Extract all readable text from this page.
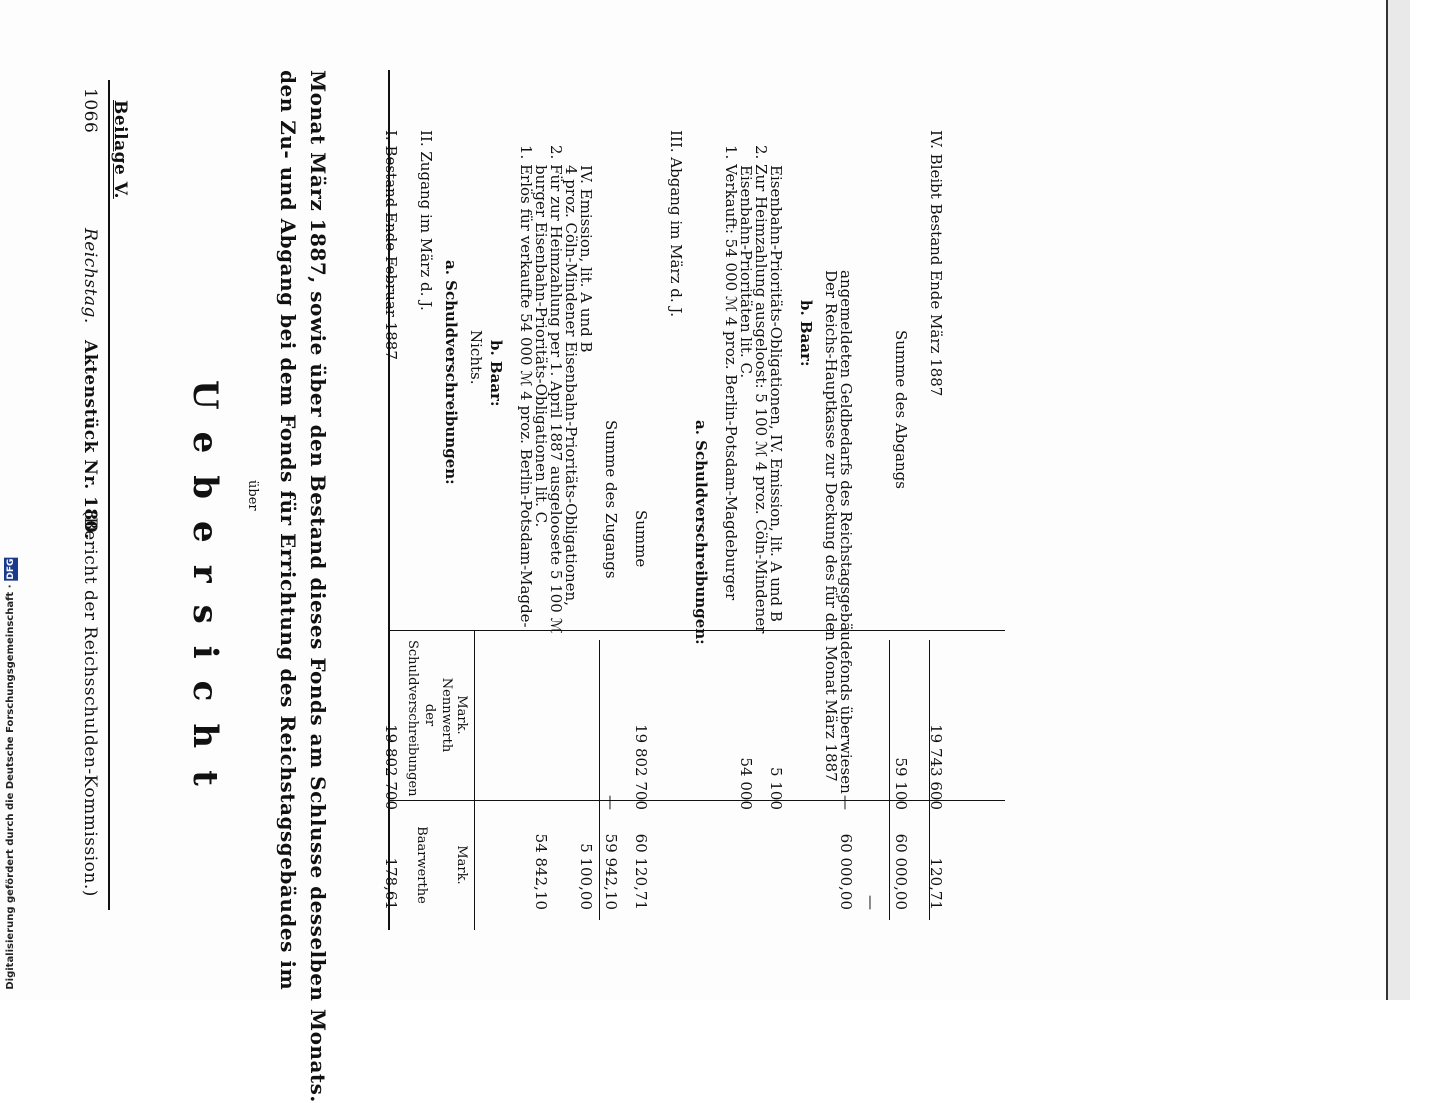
1066
Reichstag.
Aktenstück Nr. 180.
(Bericht der Reichsschulden-Kommission.)
Beilage V.
Uebersicht über den Zu- und Abgang bei dem Fonds für Errichtung des Reichstagsgebäudes im Monat März 1887, sowie über den Bestand dieses Fonds am Schlusse desselben Monats.	Nennwerth
der
Schuldverschreibungen	Mark.
Baarwerthe Mark.
I. Bestand Ende Februar 1887
19 802 700
178,61
II. Zugang im März d. J.
a. Schuldverschreibungen: Nichts. b. Baar: 1. Erlös für verkaufte 54 000 ℳ 4 proz. Berlin-Potsdam-Magde-
burger Eisenbahn-Prioritäts-Obligationen lit. C.
54 842,10
2. Für zur Heimzahlung per 1. April 1887 ausgeloosete 5 100 ℳ
4 proz. Cöln-Mindener Eisenbahn-Prioritäts-Obligationen,
IV. Emission, lit. A und B
5 100,00
Summe des Zugangs
—
59 942,10
Summe
19 802 700
60 120,71
III. Abgang im März d. J.
a. Schuldverschreibungen: 1. Verkauft: 54 000 ℳ 4 proz. Berlin-Potsdam-Magdeburger
Eisenbahn-Prioritäten lit. C.
54 000
2. Zur Heimzahlung ausgeloost: 5 100 ℳ 4 proz. Cöln-Mindener
Eisenbahn-Prioritäts-Obligationen, IV. Emission, lit. A und B
5 100
b. Baar: Der Reichs-Hauptkasse zur Deckung des für den Monat März 1887
angemeldeten Geldbedarfs des Reichstagsgebäudefonds überwiesen
—
60 000,00
Summe des Abgangs
59 100
60 000,00
—
IV. Bleibt Bestand Ende März 1887
19 743 600
120,71
Digitalisierung gefördert durch die Deutsche Forschungsgemeinschaft · DFG
